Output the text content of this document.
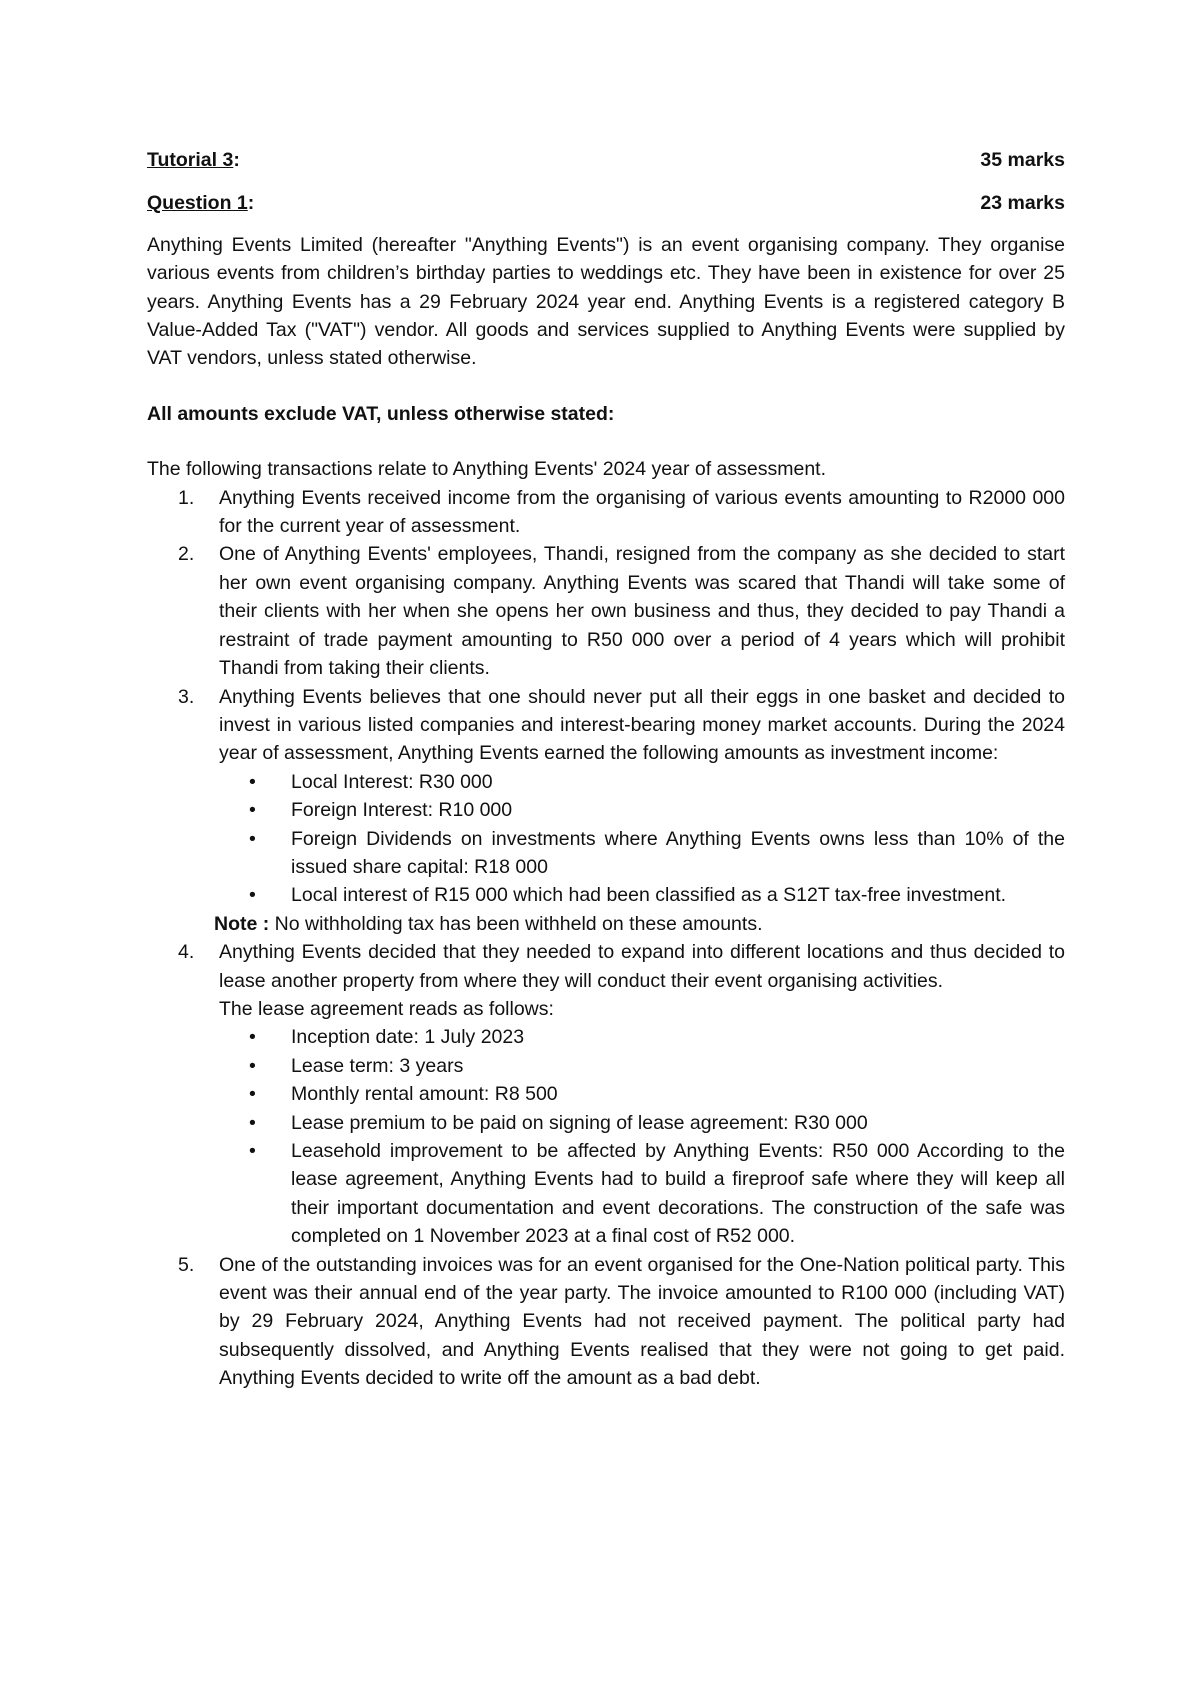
Tutorial 3:	35 marks
Question 1:	23 marks

Anything Events Limited (hereafter "Anything Events") is an event organising company. They organise various events from children’s birthday parties to weddings etc. They have been in existence for over 25 years. Anything Events has a 29 February 2024 year end. Anything Events is a registered category B Value-Added Tax ("VAT") vendor. All goods and services supplied to Anything Events were supplied by VAT vendors, unless stated otherwise.

All amounts exclude VAT, unless otherwise stated:
The following transactions relate to Anything Events' 2024 year of assessment.
1. Anything Events received income from the organising of various events amounting to R2000 000 for the current year of assessment.
2. One of Anything Events' employees, Thandi, resigned from the company as she decided to start her own event organising company. Anything Events was scared that Thandi will take some of their clients with her when she opens her own business and thus, they decided to pay Thandi a restraint of trade payment amounting to R50 000 over a period of 4 years which will prohibit Thandi from taking their clients.
3. Anything Events believes that one should never put all their eggs in one basket and decided to invest in various listed companies and interest-bearing money market accounts. During the 2024 year of assessment, Anything Events earned the following amounts as investment income:
• Local Interest: R30 000
• Foreign Interest: R10 000
• Foreign Dividends on investments where Anything Events owns less than 10% of the issued share capital: R18 000
• Local interest of R15 000 which had been classified as a S12T tax-free investment.
Note : No withholding tax has been withheld on these amounts.
4. Anything Events decided that they needed to expand into different locations and thus decided to lease another property from where they will conduct their event organising activities.
The lease agreement reads as follows:
• Inception date: 1 July 2023
• Lease term: 3 years
• Monthly rental amount: R8 500
• Lease premium to be paid on signing of lease agreement: R30 000
• Leasehold improvement to be affected by Anything Events: R50 000 According to the lease agreement, Anything Events had to build a fireproof safe where they will keep all their important documentation and event decorations. The construction of the safe was completed on 1 November 2023 at a final cost of R52 000.
5. One of the outstanding invoices was for an event organised for the One-Nation political party. This event was their annual end of the year party. The invoice amounted to R100 000 (including VAT) by 29 February 2024, Anything Events had not received payment. The political party had subsequently dissolved, and Anything Events realised that they were not going to get paid. Anything Events decided to write off the amount as a bad debt.
